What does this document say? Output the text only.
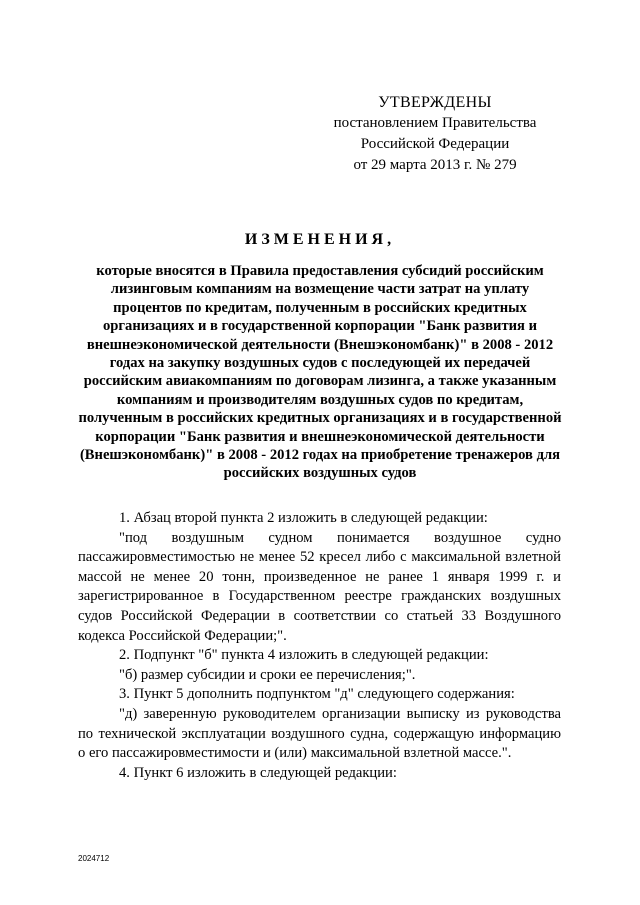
УТВЕРЖДЕНЫ
постановлением Правительства
Российской Федерации
от 29 марта 2013 г. № 279
ИЗМЕНЕНИЯ,
которые вносятся в Правила предоставления субсидий российским лизинговым компаниям на возмещение части затрат на уплату процентов по кредитам, полученным в российских кредитных организациях и в государственной корпорации "Банк развития и внешнеэкономической деятельности (Внешэкономбанк)" в 2008 - 2012 годах на закупку воздушных судов с последующей их передачей российским авиакомпаниям по договорам лизинга, а также указанным компаниям и производителям воздушных судов по кредитам, полученным в российских кредитных организациях и в государственной корпорации "Банк развития и внешнеэкономической деятельности (Внешэкономбанк)" в 2008 - 2012 годах на приобретение тренажеров для российских воздушных судов

1. Абзац второй пункта 2 изложить в следующей редакции:

"под воздушным судном понимается воздушное судно пассажировместимостью не менее 52 кресел либо с максимальной взлетной массой не менее 20 тонн, произведенное не ранее 1 января 1999 г. и зарегистрированное в Государственном реестре гражданских воздушных судов Российской Федерации в соответствии со статьей 33 Воздушного кодекса Российской Федерации;".

2. Подпункт "б" пункта 4 изложить в следующей редакции:

"б) размер субсидии и сроки ее перечисления;".

3. Пункт 5 дополнить подпунктом "д" следующего содержания:

"д) заверенную руководителем организации выписку из руководства по технической эксплуатации воздушного судна, содержащую информацию о его пассажировместимости и (или) максимальной взлетной массе.".

4. Пункт 6 изложить в следующей редакции:

2024712
